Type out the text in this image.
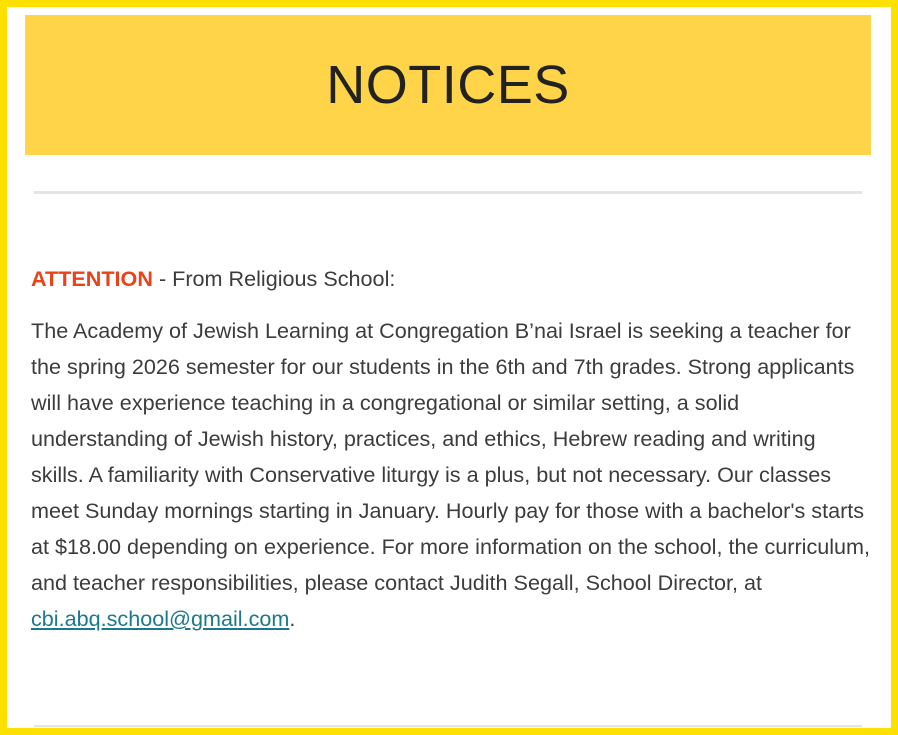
NOTICES

ATTENTION - From Religious School:

The Academy of Jewish Learning at Congregation B’nai Israel is seeking a teacher for the spring 2026 semester for our students in the 6th and 7th grades. Strong applicants will have experience teaching in a congregational or similar setting, a solid understanding of Jewish history, practices, and ethics, Hebrew reading and writing skills. A familiarity with Conservative liturgy is a plus, but not necessary. Our classes meet Sunday mornings starting in January. Hourly pay for those with a bachelor's starts at $18.00 depending on experience. For more information on the school, the curriculum, and teacher responsibilities, please contact Judith Segall, School Director, at cbi.abq.school@gmail.com.
